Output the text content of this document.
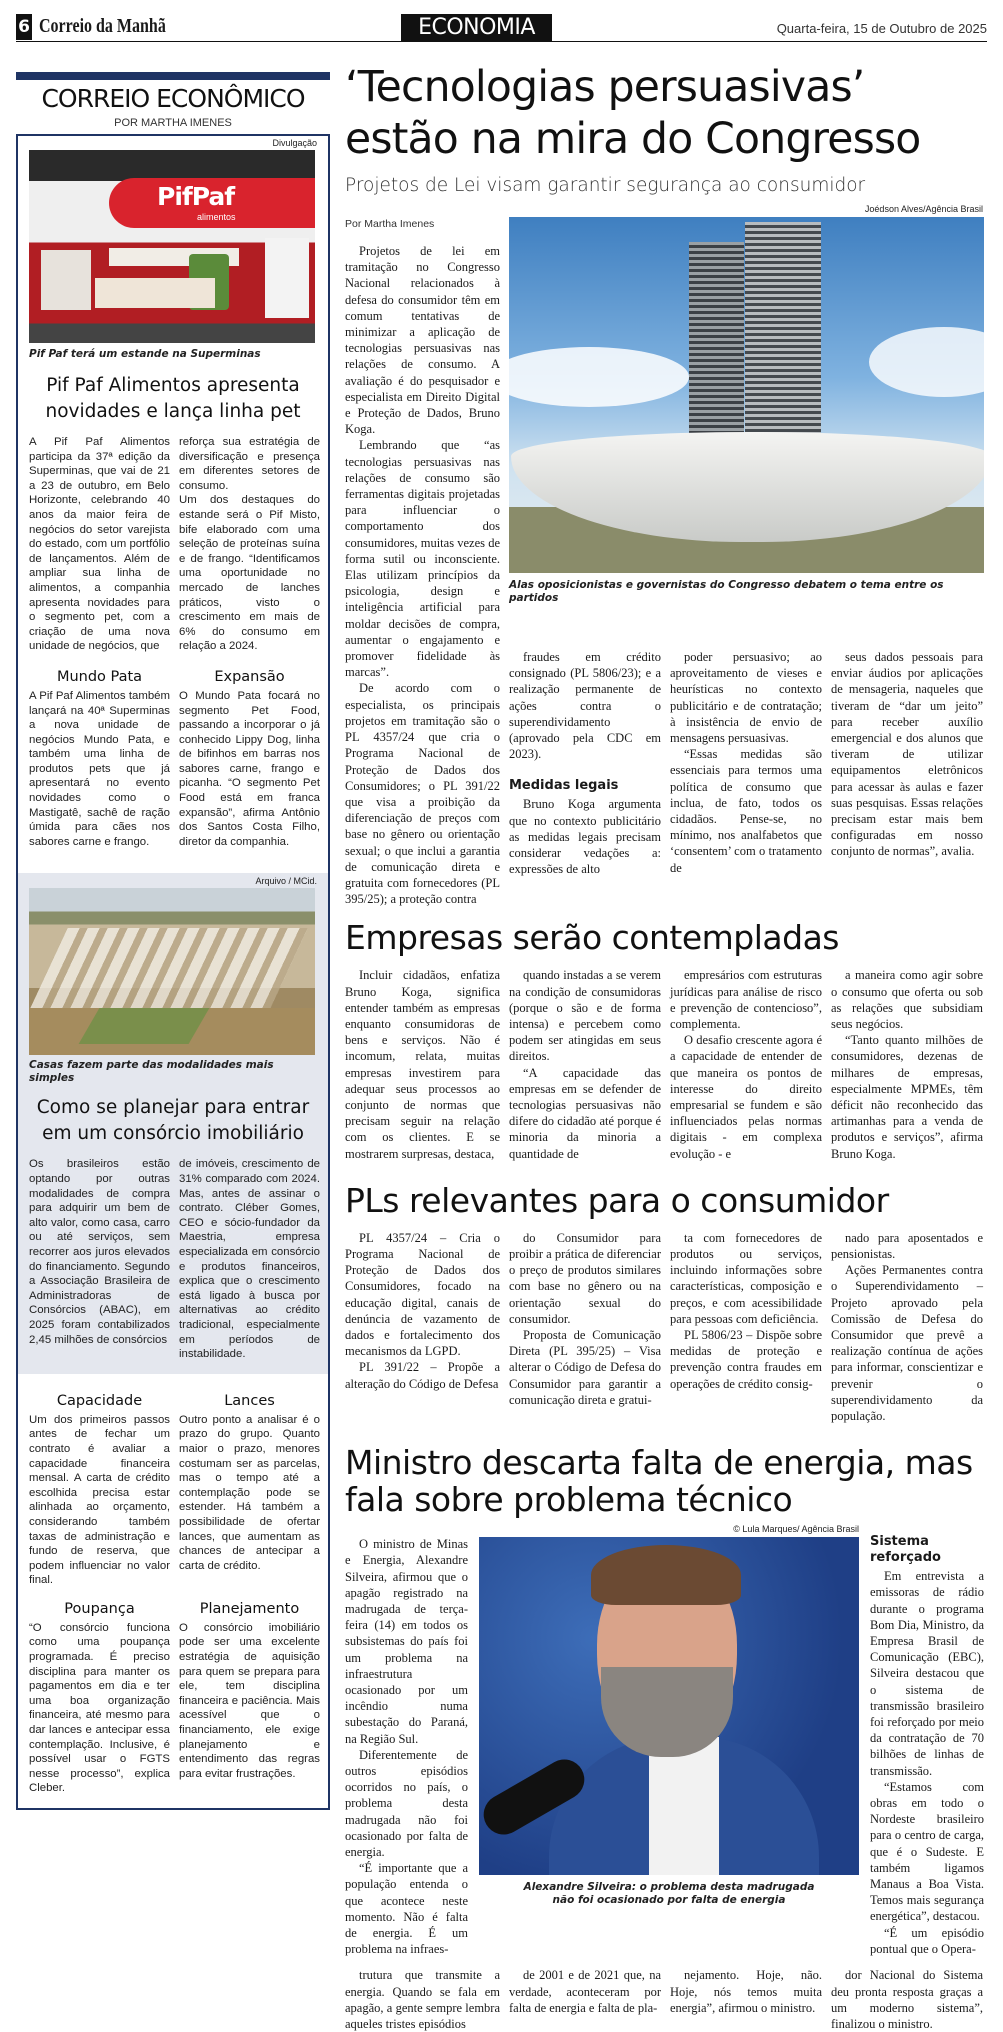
6 Correio da Manhã	ECONOMIA	Quarta-feira, 15 de Outubro de 2025
CORREIO ECONÔMICO
POR MARTHA IMENES
Divulgação
PifPaf
alimentos
Pif Paf terá um estande na Superminas
Pif Paf Alimentos apresenta novidades e lança linha pet

A Pif Paf Alimentos participa da 37ª edição da Superminas, que vai de 21 a 23 de outubro, em Belo Horizonte, celebrando 40 anos da maior feira de negócios do setor varejista do estado, com um portfólio de lançamentos. Além de ampliar sua linha de alimentos, a companhia apresenta novidades para o segmento pet, com a criação de uma nova unidade de negócios, que

reforça sua estratégia de diversificação e presença em diferentes setores de consumo.

Um dos destaques do estande será o Pif Misto, bife elaborado com uma seleção de proteínas suína e de frango. “Identificamos uma oportunidade no mercado de lanches práticos, visto o crescimento em mais de 6% do consumo em relação a 2024.

Mundo Pata

A Pif Paf Alimentos também lançará na 40ª Superminas a nova unidade de negócios Mundo Pata, e também uma linha de produtos pets que já apresentará no evento novidades como o Mastigatê, sachê de ração úmida para cães nos sabores carne e frango.

Expansão

O Mundo Pata focará no segmento Pet Food, passando a incorporar o já conhecido Lippy Dog, linha de bifinhos em barras nos sabores carne, frango e picanha. “O segmento Pet Food está em franca expansão”, afirma Antônio dos Santos Costa Filho, diretor da companhia.

Arquivo / MCid.
Casas fazem parte das modalidades mais simples
Como se planejar para entrar em um consórcio imobiliário

Os brasileiros estão optando por outras modalidades de compra para adquirir um bem de alto valor, como casa, carro ou até serviços, sem recorrer aos juros elevados do financiamento. Segundo a Associação Brasileira de Administradoras de Consórcios (ABAC), em 2025 foram contabilizados 2,45 milhões de consórcios

de imóveis, crescimento de 31% comparado com 2024. Mas, antes de assinar o contrato. Cléber Gomes, CEO e sócio-fundador da Maestria, empresa especializada em consórcio e produtos financeiros, explica que o crescimento está ligado à busca por alternativas ao crédito tradicional, especialmente em períodos de instabilidade.

Capacidade

Um dos primeiros passos antes de fechar um contrato é avaliar a capacidade financeira mensal. A carta de crédito escolhida precisa estar alinhada ao orçamento, considerando também taxas de administração e fundo de reserva, que podem influenciar no valor final.

Lances

Outro ponto a analisar é o prazo do grupo. Quanto maior o prazo, menores costumam ser as parcelas, mas o tempo até a contemplação pode se estender. Há também a possibilidade de ofertar lances, que aumentam as chances de antecipar a carta de crédito.

Poupança

“O consórcio funciona como uma poupança programada. É preciso disciplina para manter os pagamentos em dia e ter uma boa organização financeira, até mesmo para dar lances e antecipar essa contemplação. Inclusive, é possível usar o FGTS nesse processo”, explica Cleber.

Planejamento

O consórcio imobiliário pode ser uma excelente estratégia de aquisição para quem se prepara para ele, tem disciplina financeira e paciência. Mais acessível que o financiamento, ele exige planejamento e entendimento das regras para evitar frustrações.

‘Tecnologias persuasivas’ estão na mira do Congresso
Projetos de Lei visam garantir segurança ao consumidor
Por Martha Imenes

Projetos de lei em tramitação no Congresso Nacional relacionados à defesa do consumidor têm em comum tentativas de minimizar a aplicação de tecnologias persuasivas nas relações de consumo. A avaliação é do pesquisador e especialista em Direito Digital e Proteção de Dados, Bruno Koga.

Lembrando que “as tecnologias persuasivas nas relações de consumo são ferramentas digitais projetadas para influenciar o comportamento dos consumidores, muitas vezes de forma sutil ou inconsciente. Elas utilizam princípios da psicologia, design e inteligência artificial para moldar decisões de compra, aumentar o engajamento e promover fidelidade às marcas”.

De acordo com o especialista, os principais projetos em tramitação são o PL 4357/24 que cria o Programa Nacional de Proteção de Dados dos Consumidores; o PL 391/22 que visa a proibição da diferenciação de preços com base no gênero ou orientação sexual; o que inclui a garantia de comunicação direta e gratuita com fornecedores (PL 395/25); a proteção contra

Joédson Alves/Agência Brasil
Alas oposicionistas e governistas do Congresso debatem o tema entre os partidos

fraudes em crédito consignado (PL 5806/23); e a realização permanente de ações contra o superendividamento (aprovado pela CDC em 2023).

Medidas legais

Bruno Koga argumenta que no contexto publicitário as medidas legais precisam considerar vedações a: expressões de alto

poder persuasivo; ao aproveitamento de vieses e heurísticas no contexto publicitário e de contratação; à insistência de envio de mensagens persuasivas.

“Essas medidas são essenciais para termos uma política de consumo que inclua, de fato, todos os cidadãos. Pense-se, no mínimo, nos analfabetos que ‘consentem’ com o tratamento de

seus dados pessoais para enviar áudios por aplicações de mensageria, naqueles que tiveram de “dar um jeito” para receber auxílio emergencial e dos alunos que tiveram de utilizar equipamentos eletrônicos para acessar às aulas e fazer suas pesquisas. Essas relações precisam estar mais bem configuradas em nosso conjunto de normas”, avalia.

Empresas serão contempladas

Incluir cidadãos, enfatiza Bruno Koga, significa entender também as empresas enquanto consumidoras de bens e serviços. Não é incomum, relata, muitas empresas investirem para adequar seus processos ao conjunto de normas que precisam seguir na relação com os clientes. E se mostrarem surpresas, destaca,

quando instadas a se verem na condição de consumidoras (porque o são e de forma intensa) e percebem como podem ser atingidas em seus direitos.

“A capacidade das empresas em se defender de tecnologias persuasivas não difere do cidadão até porque é minoria da minoria a quantidade de

empresários com estruturas jurídicas para análise de risco e prevenção de contencioso”, complementa.

O desafio crescente agora é a capacidade de entender de que maneira os pontos de interesse do direito empresarial se fundem e são influenciados pelas normas digitais - em complexa evolução - e

a maneira como agir sobre o consumo que oferta ou sob as relações que subsidiam seus negócios.

“Tanto quanto milhões de consumidores, dezenas de milhares de empresas, especialmente MPMEs, têm déficit não reconhecido das artimanhas para a venda de produtos e serviços”, afirma Bruno Koga.

PLs relevantes para o consumidor

PL 4357/24 – Cria o Programa Nacional de Proteção de Dados dos Consumidores, focado na educação digital, canais de denúncia de vazamento de dados e fortalecimento dos mecanismos da LGPD.

PL 391/22 – Propõe a alteração do Código de Defesa

do Consumidor para proibir a prática de diferenciar o preço de produtos similares com base no gênero ou na orientação sexual do consumidor.

Proposta de Comunicação Direta (PL 395/25) – Visa alterar o Código de Defesa do Consumidor para garantir a comunicação direta e gratui-

ta com fornecedores de produtos ou serviços, incluindo informações sobre características, composição e preços, e com acessibilidade para pessoas com deficiência.

PL 5806/23 – Dispõe sobre medidas de proteção e prevenção contra fraudes em operações de crédito consig-

nado para aposentados e pensionistas.

Ações Permanentes contra o Superendividamento – Projeto aprovado pela Comissão de Defesa do Consumidor que prevê a realização contínua de ações para informar, conscientizar e prevenir o superendividamento da população.

Ministro descarta falta de energia, mas fala sobre problema técnico

O ministro de Minas e Energia, Alexandre Silveira, afirmou que o apagão registrado na madrugada de terça-feira (14) em todos os subsistemas do país foi um problema na infraestrutura ocasionado por um incêndio numa subestação do Paraná, na Região Sul.

Diferentemente de outros episódios ocorridos no país, o problema desta madrugada não foi ocasionado por falta de energia.

“É importante que a população entenda o que acontece neste momento. Não é falta de energia. É um problema na infraes-

© Lula Marques/ Agência Brasil
Alexandre Silveira: o problema desta madrugada
não foi ocasionado por falta de energia
Sistema reforçado

Em entrevista a emissoras de rádio durante o programa Bom Dia, Ministro, da Empresa Brasil de Comunicação (EBC), Silveira destacou que o sistema de transmissão brasileiro foi reforçado por meio da contratação de 70 bilhões de linhas de transmissão.

“Estamos com obras em todo o Nordeste brasileiro para o centro de carga, que é o Sudeste. E também ligamos Manaus a Boa Vista. Temos mais segurança energética”, destacou.

“É um episódio pontual que o Opera-

trutura que transmite a energia. Quando se fala em apagão, a gente sempre lembra aqueles tristes episódios

de 2001 e de 2021 que, na verdade, aconteceram por falta de energia e falta de pla-

nejamento. Hoje, não. Hoje, nós temos muita energia”, afirmou o ministro.

dor Nacional do Sistema deu pronta resposta graças a um moderno sistema”, finalizou o ministro.
